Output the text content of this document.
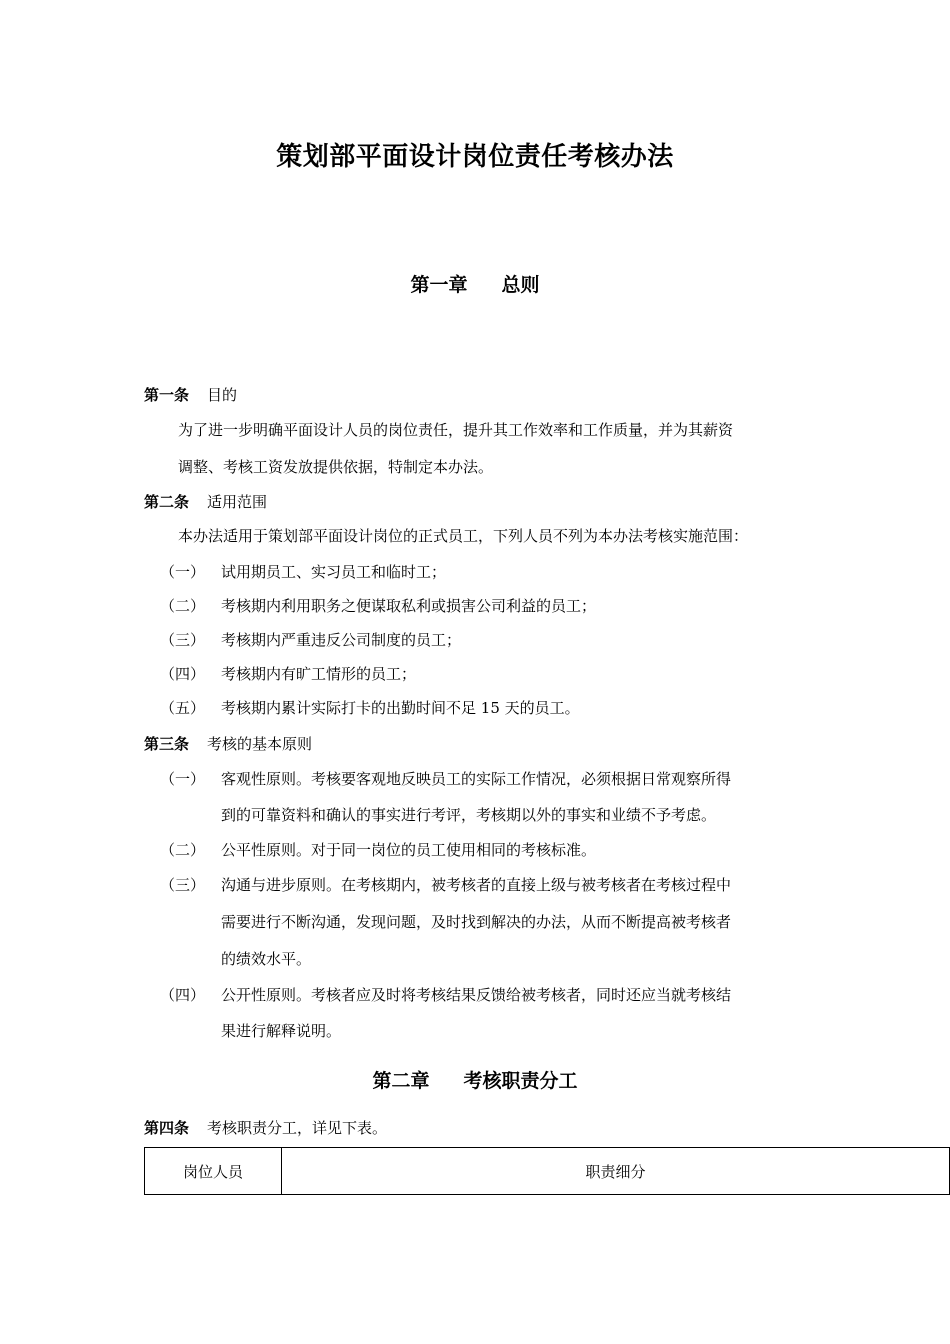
策划部平面设计岗位责任考核办法
第一章 总则
第一条 目的
为了进一步明确平面设计人员的岗位责任，提升其工作效率和工作质量，并为其薪资
调整、考核工资发放提供依据，特制定本办法。
第二条 适用范围
本办法适用于策划部平面设计岗位的正式员工，下列人员不列为本办法考核实施范围：
（一） 试用期员工、实习员工和临时工；
（二） 考核期内利用职务之便谋取私利或损害公司利益的员工；
（三） 考核期内严重违反公司制度的员工；
（四） 考核期内有旷工情形的员工；
（五） 考核期内累计实际打卡的出勤时间不足 15 天的员工。
第三条 考核的基本原则
（一） 客观性原则。考核要客观地反映员工的实际工作情况，必须根据日常观察所得
到的可靠资料和确认的事实进行考评，考核期以外的事实和业绩不予考虑。
（二） 公平性原则。对于同一岗位的员工使用相同的考核标准。
（三） 沟通与进步原则。在考核期内，被考核者的直接上级与被考核者在考核过程中
需要进行不断沟通，发现问题，及时找到解决的办法，从而不断提高被考核者
的绩效水平。
（四） 公开性原则。考核者应及时将考核结果反馈给被考核者，同时还应当就考核结
果进行解释说明。
第二章 考核职责分工
第四条 考核职责分工，详见下表。
岗位人员	职责细分
